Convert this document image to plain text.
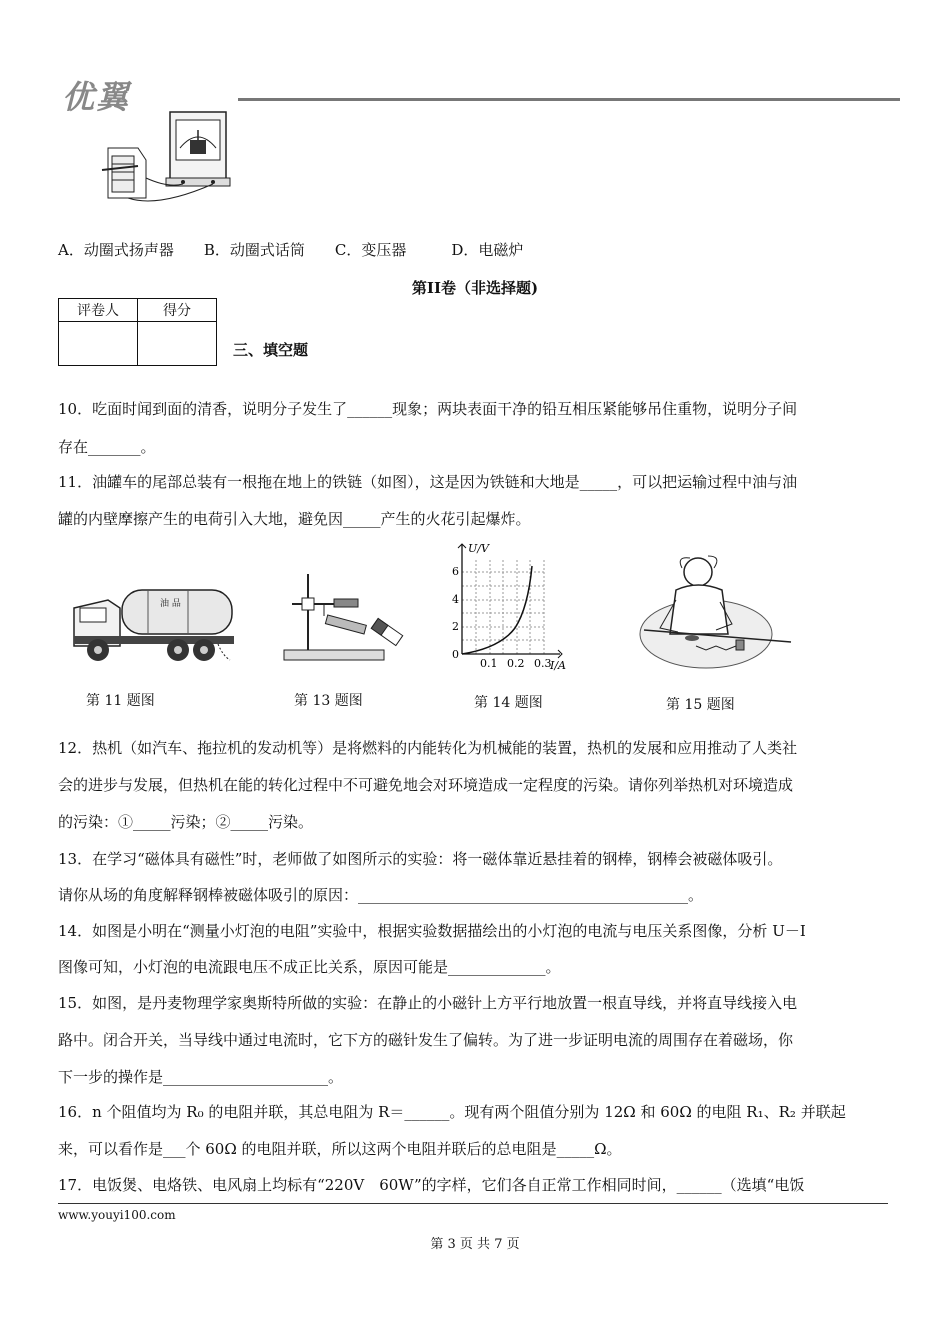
优翼
A．动圈式扬声器　　B．动圈式话筒　　C．变压器　　　D．电磁炉
第II卷（非选择题)
评卷人	得分

三、填空题
10．吃面时闻到面的清香，说明分子发生了______现象；两块表面干净的铅互相压紧能够吊住重物，说明分子间
存在_______。
11．油罐车的尾部总装有一根拖在地上的铁链（如图），这是因为铁链和大地是_____，可以把运输过程中油与油
罐的内壁摩擦产生的电荷引入大地，避免因_____产生的火花引起爆炸。
油 品
U/V
6
4
2
0
0.1 0.2 0.3
I/A
第 11 题图	第 13 题图	第 14 题图	第 15 题图
12．热机（如汽车、拖拉机的发动机等）是将燃料的内能转化为机械能的装置，热机的发展和应用推动了人类社
会的进步与发展，但热机在能的转化过程中不可避免地会对环境造成一定程度的污染。请你列举热机对环境造成
的污染：①_____污染；②_____污染。
13．在学习“磁体具有磁性”时，老师做了如图所示的实验：将一磁体靠近悬挂着的钢棒，钢棒会被磁体吸引。
请你从场的角度解释钢棒被磁体吸引的原因：____________________________________________。
14．如图是小明在“测量小灯泡的电阻”实验中，根据实验数据描绘出的小灯泡的电流与电压关系图像，分析 U－I
图像可知，小灯泡的电流跟电压不成正比关系，原因可能是_____________。
15．如图，是丹麦物理学家奥斯特所做的实验：在静止的小磁针上方平行地放置一根直导线，并将直导线接入电
路中。闭合开关，当导线中通过电流时，它下方的磁针发生了偏转。为了进一步证明电流的周围存在着磁场，你
下一步的操作是______________________。
16．n 个阻值均为 R₀ 的电阻并联，其总电阻为 R＝______。现有两个阻值分别为 12Ω 和 60Ω 的电阻 R₁、R₂ 并联起
来，可以看作是___个 60Ω 的电阻并联，所以这两个电阻并联后的总电阻是_____Ω。
17．电饭煲、电烙铁、电风扇上均标有“220V　60W”的字样，它们各自正常工作相同时间，______（选填“电饭
www.youyi100.com
第 3 页 共 7 页
